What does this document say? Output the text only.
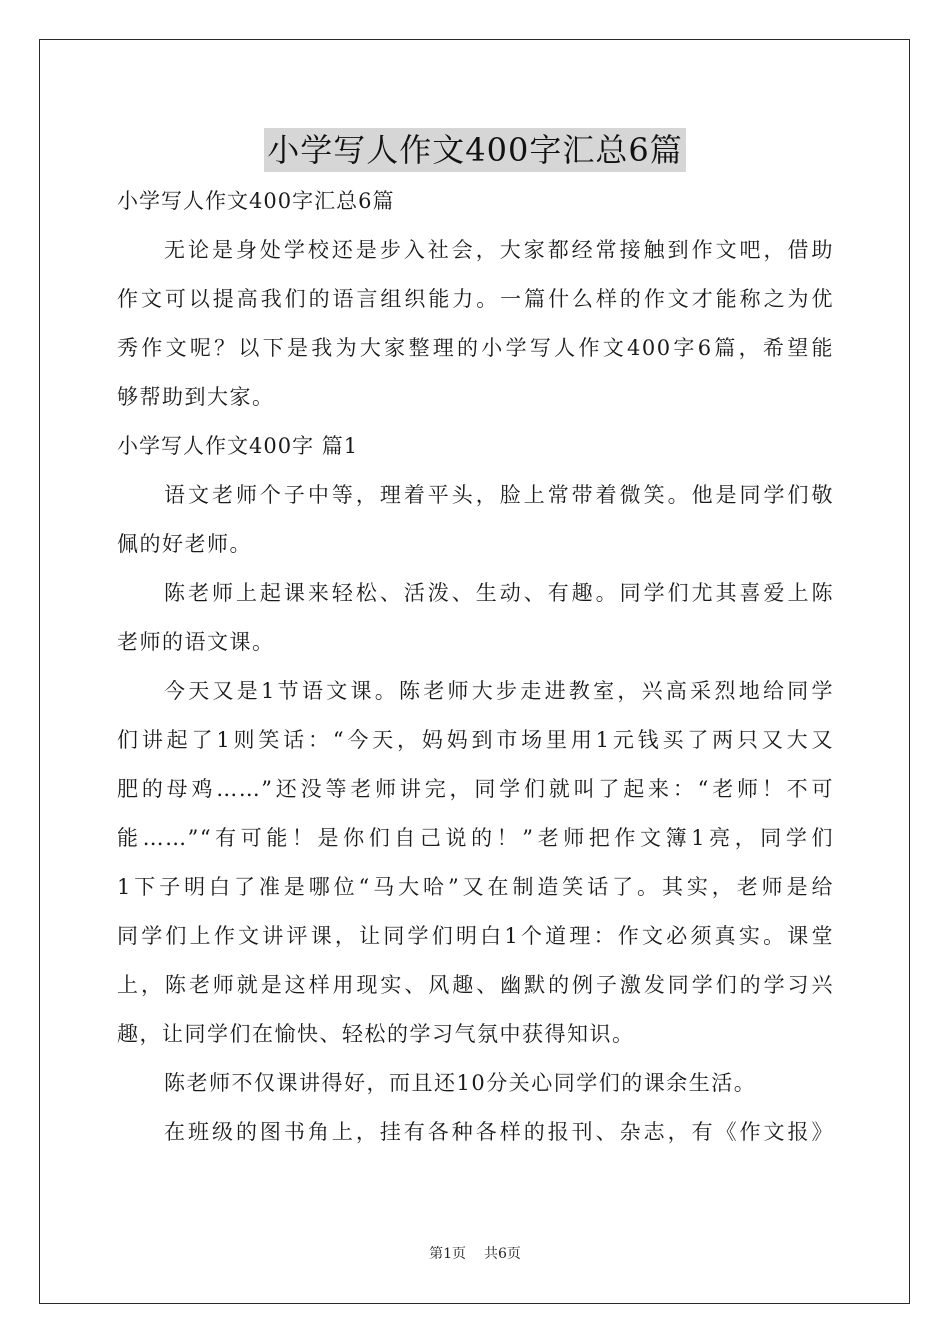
小学写人作文400字汇总6篇
小学写人作文400字汇总6篇
无论是身处学校还是步入社会，大家都经常接触到作文吧，借助
作文可以提高我们的语言组织能力。一篇什么样的作文才能称之为优
秀作文呢？以下是我为大家整理的小学写人作文400字6篇，希望能
够帮助到大家。
小学写人作文400字 篇1
语文老师个子中等，理着平头，脸上常带着微笑。他是同学们敬
佩的好老师。
陈老师上起课来轻松、活泼、生动、有趣。同学们尤其喜爱上陈
老师的语文课。
今天又是1节语文课。陈老师大步走进教室，兴高采烈地给同学
们讲起了1则笑话：“今天，妈妈到市场里用1元钱买了两只又大又
肥的母鸡……”还没等老师讲完，同学们就叫了起来：“老师！不可
能……”“有可能！是你们自己说的！”老师把作文簿1亮，同学们
1下子明白了准是哪位“马大哈”又在制造笑话了。其实，老师是给
同学们上作文讲评课，让同学们明白1个道理：作文必须真实。课堂
上，陈老师就是这样用现实、风趣、幽默的例子激发同学们的学习兴
趣，让同学们在愉快、轻松的学习气氛中获得知识。
陈老师不仅课讲得好，而且还10分关心同学们的课余生活。
在班级的图书角上，挂有各种各样的报刊、杂志，有《作文报》
第1页 共6页
